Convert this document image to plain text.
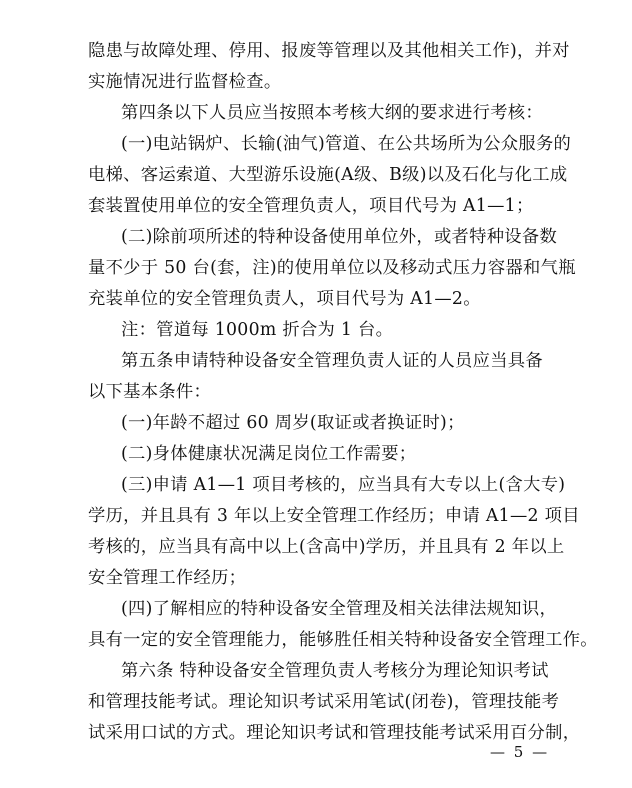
隐患与故障处理、停用、报废等管理以及其他相关工作)，并对
实施情况进行监督检查。
第四条以下人员应当按照本考核大纲的要求进行考核：
(一)电站锅炉、长输(油气)管道、在公共场所为公众服务的
电梯、客运索道、大型游乐设施(A级、B级)以及石化与化工成
套装置使用单位的安全管理负责人，项目代号为 A1—1；
(二)除前项所述的特种设备使用单位外，或者特种设备数
量不少于 50 台(套，注)的使用单位以及移动式压力容器和气瓶
充装单位的安全管理负责人，项目代号为 A1—2。
注：管道每 1000m 折合为 1 台。
第五条申请特种设备安全管理负责人证的人员应当具备
以下基本条件：
(一)年龄不超过 60 周岁(取证或者换证时)；
(二)身体健康状况满足岗位工作需要；
(三)申请 A1—1 项目考核的，应当具有大专以上(含大专)
学历，并且具有 3 年以上安全管理工作经历；申请 A1—2 项目
考核的，应当具有高中以上(含高中)学历，并且具有 2 年以上
安全管理工作经历；
(四)了解相应的特种设备安全管理及相关法律法规知识，
具有一定的安全管理能力，能够胜任相关特种设备安全管理工作。
第六条 特种设备安全管理负责人考核分为理论知识考试
和管理技能考试。理论知识考试采用笔试(闭卷)，管理技能考
试采用口试的方式。理论知识考试和管理技能考试采用百分制，
— 5 —
